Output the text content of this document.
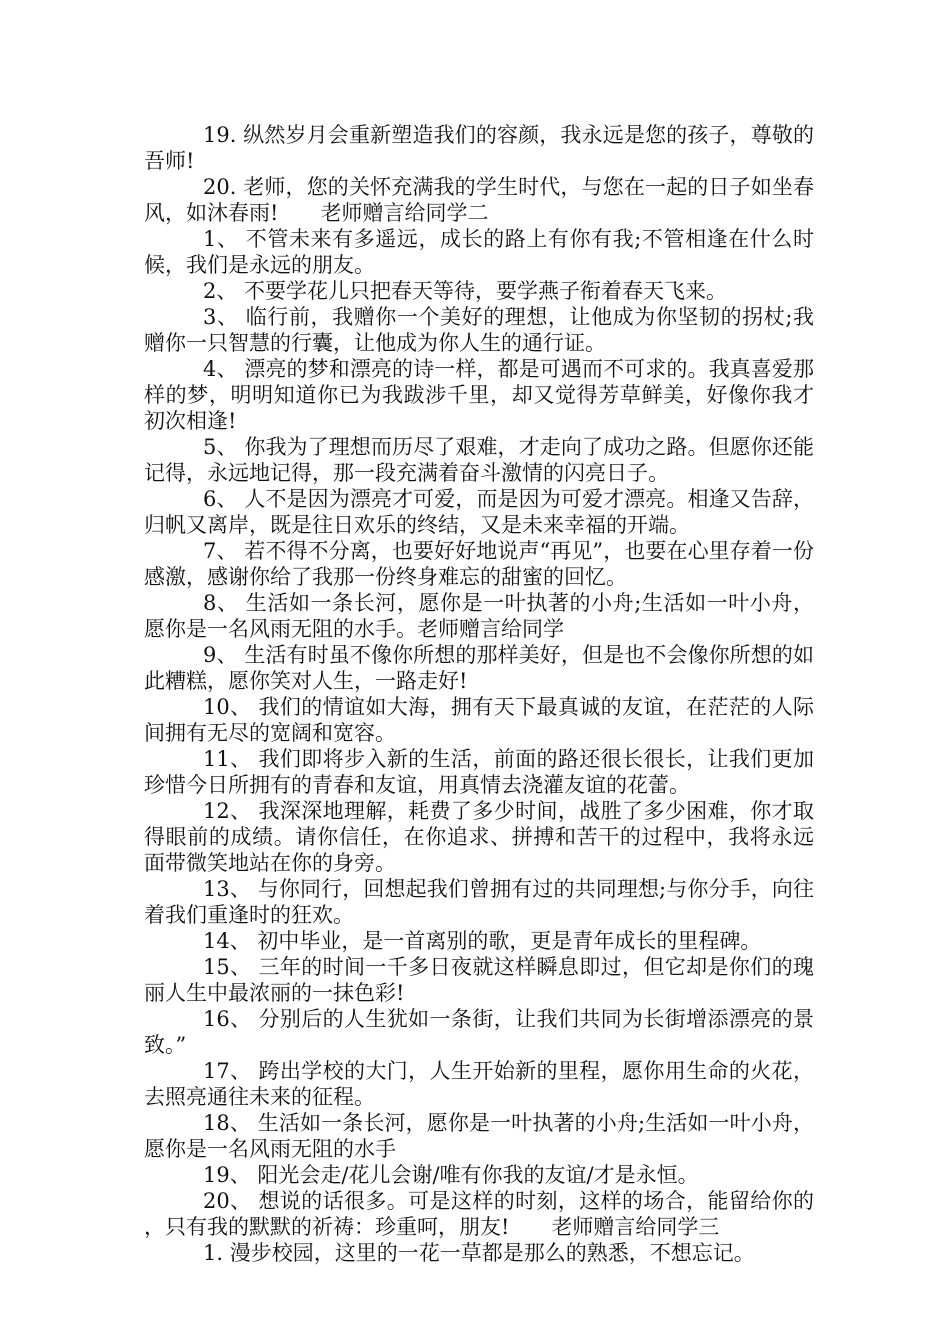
19. 纵然岁月会重新塑造我们的容颜，我永远是您的孩子，尊敬的吾师!

20. 老师，您的关怀充满我的学生时代，与您在一起的日子如坐春风，如沐春雨!　　老师赠言给同学二

1、 不管未来有多遥远，成长的路上有你有我;不管相逢在什么时候，我们是永远的朋友。

2、 不要学花儿只把春天等待，要学燕子衔着春天飞来。

3、 临行前，我赠你一个美好的理想，让他成为你坚韧的拐杖;我赠你一只智慧的行囊，让他成为你人生的通行证。

4、 漂亮的梦和漂亮的诗一样，都是可遇而不可求的。我真喜爱那样的梦，明明知道你已为我跋涉千里，却又觉得芳草鲜美，好像你我才初次相逢!

5、 你我为了理想而历尽了艰难，才走向了成功之路。但愿你还能记得，永远地记得，那一段充满着奋斗激情的闪亮日子。

6、 人不是因为漂亮才可爱，而是因为可爱才漂亮。相逢又告辞，归帆又离岸，既是往日欢乐的终结，又是未来幸福的开端。

7、 若不得不分离，也要好好地说声“再见”，也要在心里存着一份感激，感谢你给了我那一份终身难忘的甜蜜的回忆。

8、 生活如一条长河，愿你是一叶执著的小舟;生活如一叶小舟，愿你是一名风雨无阻的水手。老师赠言给同学

9、 生活有时虽不像你所想的那样美好，但是也不会像你所想的如此糟糕，愿你笑对人生，一路走好!

10、 我们的情谊如大海，拥有天下最真诚的友谊，在茫茫的人际间拥有无尽的宽阔和宽容。

11、 我们即将步入新的生活，前面的路还很长很长，让我们更加珍惜今日所拥有的青春和友谊，用真情去浇灌友谊的花蕾。

12、 我深深地理解，耗费了多少时间，战胜了多少困难，你才取得眼前的成绩。请你信任，在你追求、拼搏和苦干的过程中，我将永远面带微笑地站在你的身旁。

13、 与你同行，回想起我们曾拥有过的共同理想;与你分手，向往着我们重逢时的狂欢。

14、 初中毕业，是一首离别的歌，更是青年成长的里程碑。

15、 三年的时间一千多日夜就这样瞬息即过，但它却是你们的瑰丽人生中最浓丽的一抹色彩!

16、 分别后的人生犹如一条街，让我们共同为长街增添漂亮的景致。”

17、 跨出学校的大门，人生开始新的里程，愿你用生命的火花，去照亮通往未来的征程。

18、 生活如一条长河，愿你是一叶执著的小舟;生活如一叶小舟，愿你是一名风雨无阻的水手

19、 阳光会走/花儿会谢/唯有你我的友谊/才是永恒。

20、 想说的话很多。可是这样的时刻，这样的场合，能留给你的，只有我的默默的祈祷：珍重呵，朋友!　　老师赠言给同学三

1. 漫步校园，这里的一花一草都是那么的熟悉，不想忘记。
